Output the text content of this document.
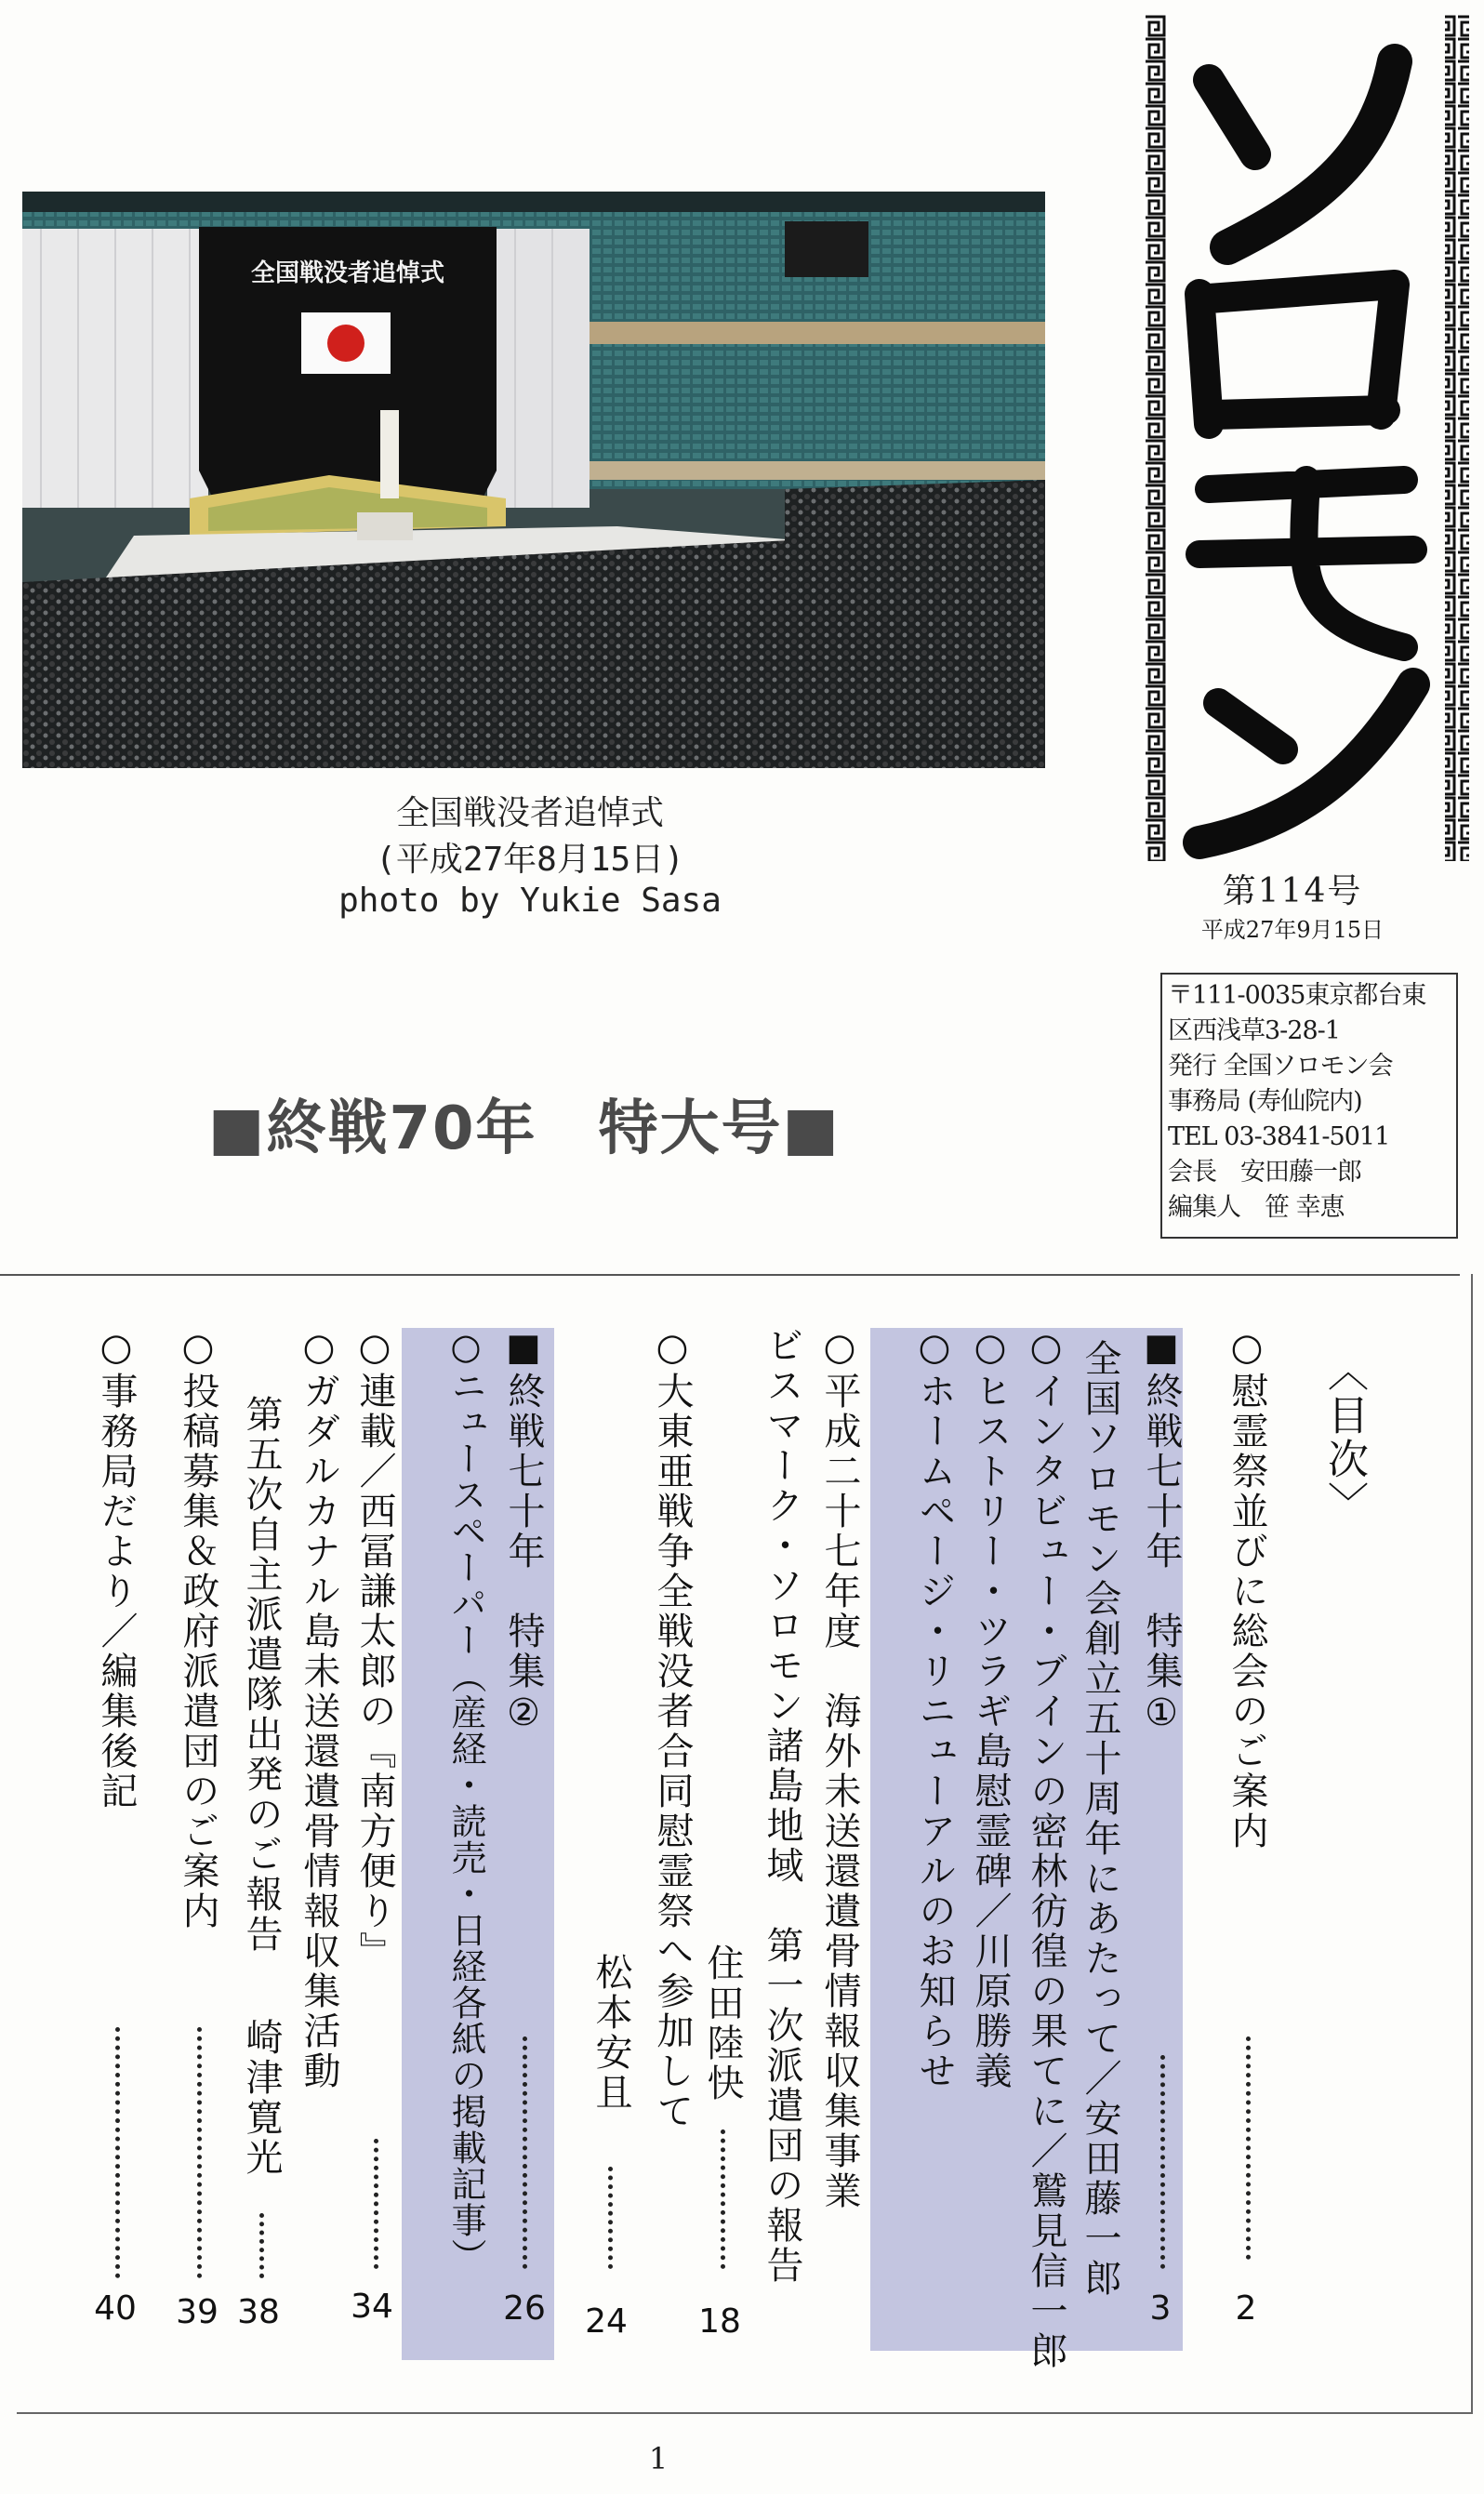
全国戦没者追悼式
全国戦没者追悼式
(平成27年8月15日)
photo by Yukie Sasa
ソロモン
第114号
平成27年9月15日
〒111-0035東京都台東
区西浅草3-28-1
発行 全国ソロモン会
事務局 (寿仙院内)
TEL 03-3841-5011
会長　安田藤一郎
編集人　笹 幸恵
■終戦70年　特大号■
〈目次〉
○慰霊祭並びに総会のご案内
2
■終戦七十年　特集①
全国ソロモン会創立五十周年にあたって／安田藤一郎
3
○インタビュー・ブインの密林彷徨の果てに／鷲見信一郎
○ヒストリー・ツラギ島慰霊碑／川原勝義
○ホームページ・リニューアルのお知らせ
○平成二十七年度　海外未送還遺骨情報収集事業
ビスマーク・ソロモン諸島地域　第一次派遣団の報告
住田陸快
18
○大東亜戦争全戦没者合同慰霊祭へ参加して
松本安且
24
■終戦七十年　特集②
○ニュースペーパー（産経・読売・日経各紙の掲載記事）
26
○連載／西冨謙太郎の『南方便り』
34
○ガダルカナル島未送還遺骨情報収集活動
第五次自主派遣隊出発のご報告
崎津寛光
38
○投稿募集＆政府派遣団のご案内
39
○事務局だより／編集後記
40
1
